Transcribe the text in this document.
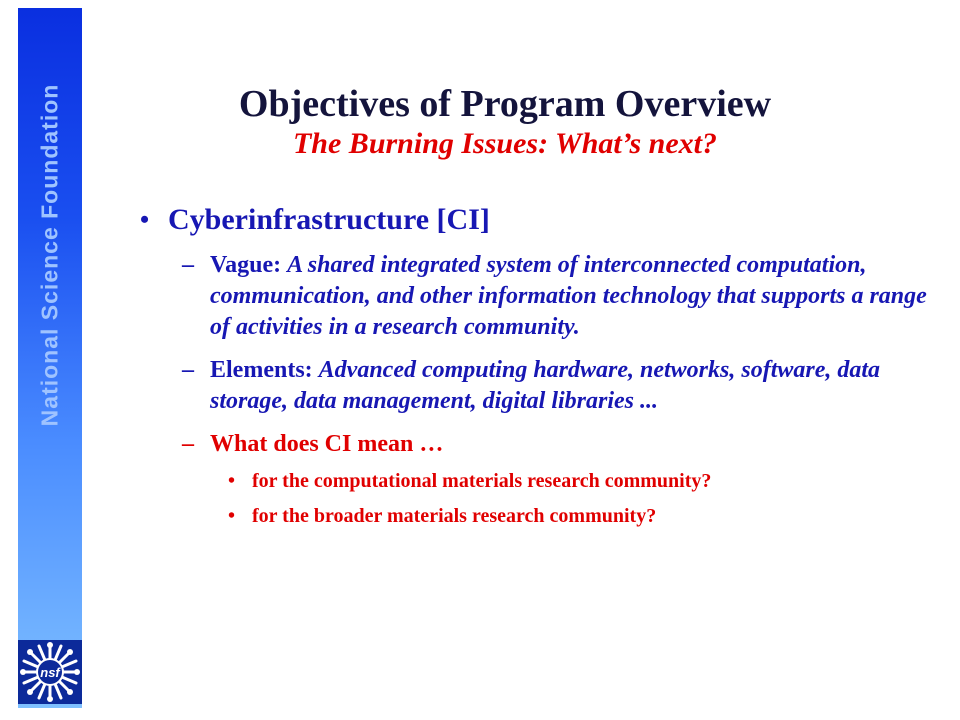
National Science Foundation
nsf
Objectives of Program Overview
The Burning Issues: What’s next?
• Cyberinfrastructure [CI]
– Vague: A shared integrated system of interconnected computation, communication, and other information technology that supports a range of activities in a research community.
– Elements: Advanced computing hardware, networks, software, data storage, data management, digital libraries ...
– What does CI mean …
• for the computational materials research community?
• for the broader materials research community?
